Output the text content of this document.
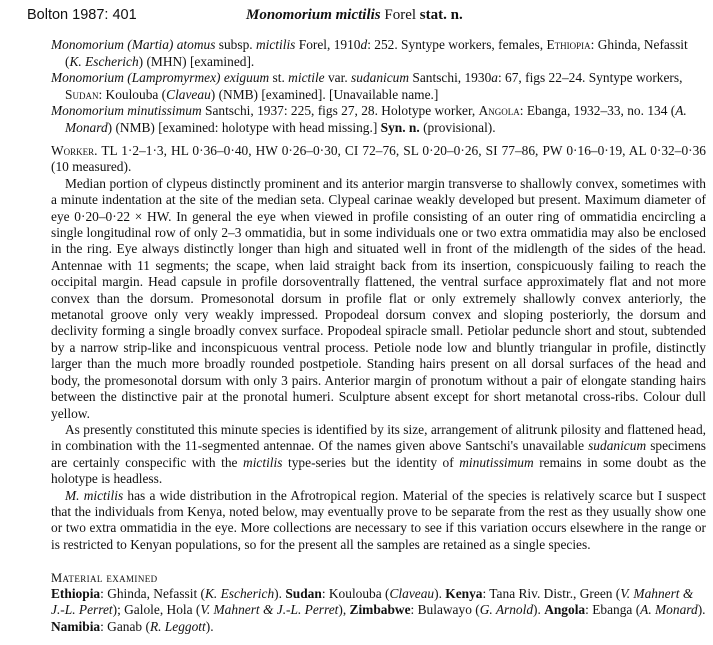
Bolton 1987: 401	Monomorium mictilis Forel stat. n.

Monomorium (Martia) atomus subsp. mictilis Forel, 1910d: 252. Syntype workers, females, Ethiopia: Ghinda, Nefassit (K. Escherich) (MHN) [examined].

Monomorium (Lampromyrmex) exiguum st. mictile var. sudanicum Santschi, 1930a: 67, figs 22–24. Syntype workers, Sudan: Koulouba (Claveau) (NMB) [examined]. [Unavailable name.]

Monomorium minutissimum Santschi, 1937: 225, figs 27, 28. Holotype worker, Angola: Ebanga, 1932–33, no. 134 (A. Monard) (NMB) [examined: holotype with head missing.] Syn. n. (provisional).

Worker. TL 1·2–1·3, HL 0·36–0·40, HW 0·26–0·30, CI 72–76, SL 0·20–0·26, SI 77–86, PW 0·16–0·19, AL 0·32–0·36 (10 measured).

Median portion of clypeus distinctly prominent and its anterior margin transverse to shallowly convex, sometimes with a minute indentation at the site of the median seta. Clypeal carinae weakly developed but present. Maximum diameter of eye 0·20–0·22 × HW. In general the eye when viewed in profile consisting of an outer ring of ommatidia encircling a single longitudinal row of only 2–3 ommatidia, but in some individuals one or two extra ommatidia may also be enclosed in the ring. Eye always distinctly longer than high and situated well in front of the midlength of the sides of the head. Antennae with 11 segments; the scape, when laid straight back from its insertion, conspicuously failing to reach the occipital margin. Head capsule in profile dorsoventrally flattened, the ventral surface approximately flat and not more convex than the dorsum. Promesonotal dorsum in profile flat or only extremely shallowly convex anteriorly, the metanotal groove only very weakly impressed. Propodeal dorsum convex and sloping posteriorly, the dorsum and declivity forming a single broadly convex surface. Propodeal spiracle small. Petiolar peduncle short and stout, subtended by a narrow strip-like and inconspicuous ventral process. Petiole node low and bluntly triangular in profile, distinctly larger than the much more broadly rounded postpetiole. Standing hairs present on all dorsal surfaces of the head and body, the promesonotal dorsum with only 3 pairs. Anterior margin of pronotum without a pair of elongate standing hairs between the distinctive pair at the pronotal humeri. Sculpture absent except for short metanotal cross-ribs. Colour dull yellow.

As presently constituted this minute species is identified by its size, arrangement of alitrunk pilosity and flattened head, in combination with the 11-segmented antennae. Of the names given above Santschi's unavailable sudanicum specimens are certainly conspecific with the mictilis type-series but the identity of minutissimum remains in some doubt as the holotype is headless.

M. mictilis has a wide distribution in the Afrotropical region. Material of the species is relatively scarce but I suspect that the individuals from Kenya, noted below, may eventually prove to be separate from the rest as they usually show one or two extra ommatidia in the eye. More collections are necessary to see if this variation occurs elsewhere in the range or is restricted to Kenyan populations, so for the present all the samples are retained as a single species.

Material examined
Ethiopia: Ghinda, Nefassit (K. Escherich). Sudan: Koulouba (Claveau). Kenya: Tana Riv. Distr., Green (V. Mahnert & J.-L. Perret); Galole, Hola (V. Mahnert & J.-L. Perret), Zimbabwe: Bulawayo (G. Arnold). Angola: Ebanga (A. Monard). Namibia: Ganab (R. Leggott).
